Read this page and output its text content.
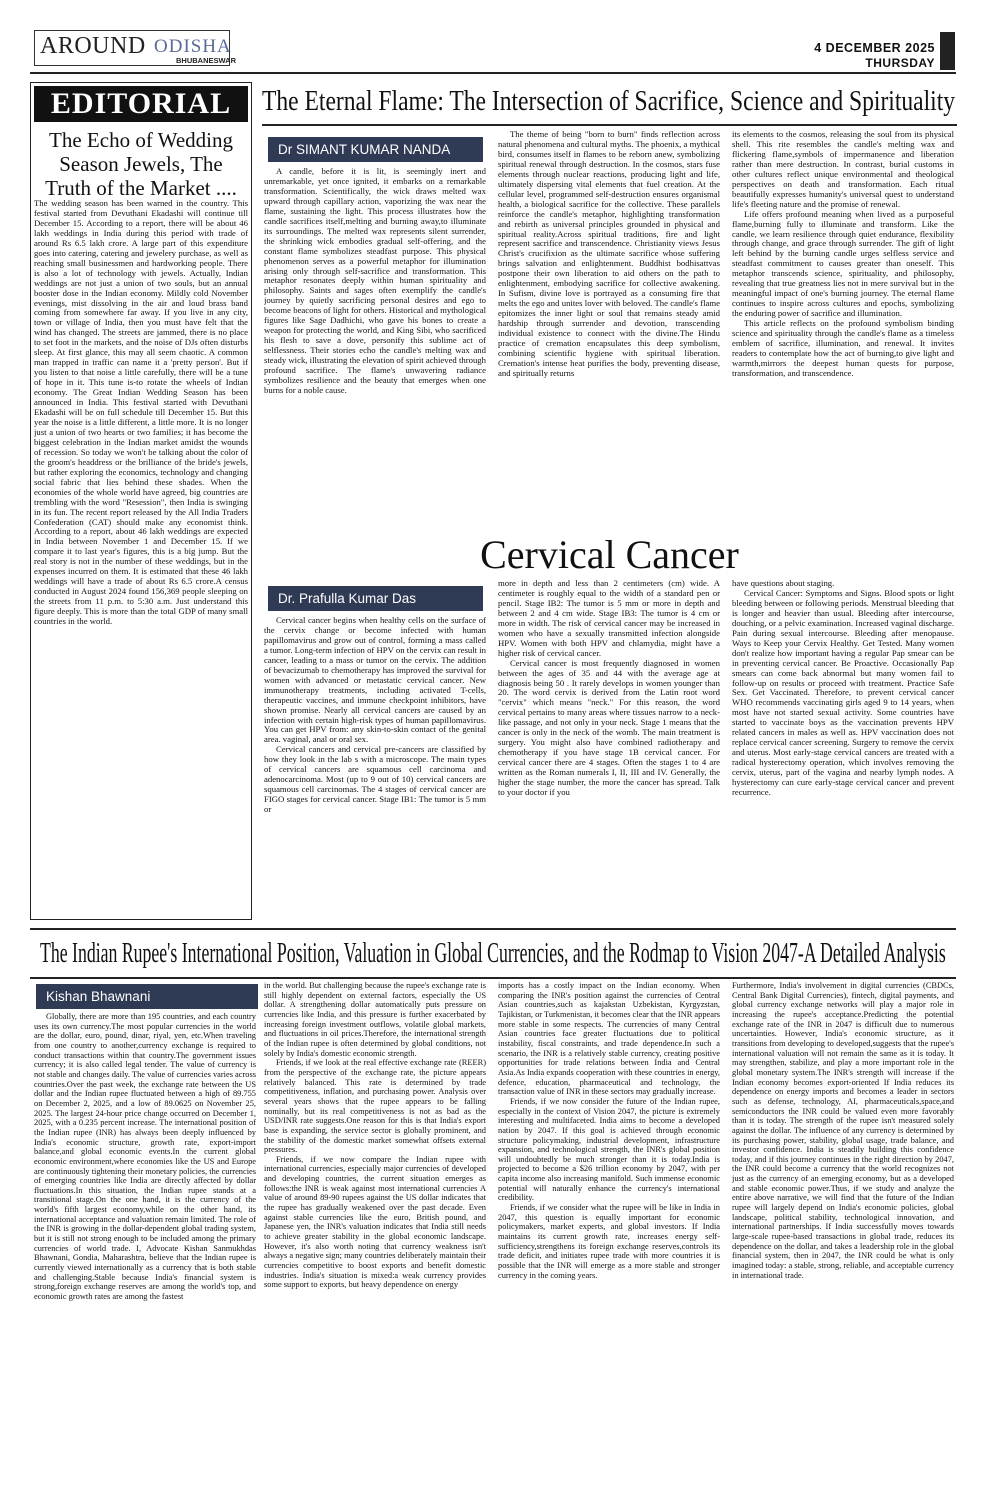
AROUND ODISHA
BHUBANESWAR
4 DECEMBER 2025
THURSDAY
EDITORIAL
The Echo of Wedding Season Jewels, The Truth of the Market ....
The wedding season has been warned in the country. This festival started from Devuthani Ekadashi will continue till December 15. According to a report, there will be about 46 lakh weddings in India during this period with trade of around Rs 6.5 lakh crore. A large part of this expenditure goes into catering, catering and jewelery purchase, as well as reaching small businessmen and hardworking people. There is also a lot of technology with jewels. Actually, Indian weddings are not just a union of two souls, but an annual booster dose in the Indian economy. Mildly cold November evenings, mist dissolving in the air and loud brass band coming from somewhere far away. If you live in any city, town or village of India, then you must have felt that the wind has changed. The streets are jammed, there is no place to set foot in the markets, and the noise of DJs often disturbs sleep. At first glance, this may all seem chaotic. A common man trapped in traffic can name it a 'pretty person'. But if you listen to that noise a little carefully, there will be a tune of hope in it. This tune is-to rotate the wheels of Indian economy. The Great Indian Wedding Season has been announced in India. This festival started with Devuthani Ekadashi will be on full schedule till December 15. But this year the noise is a little different, a little more. It is no longer just a union of two hearts or two families; it has become the biggest celebration in the Indian market amidst the wounds of recession. So today we won't be talking about the color of the groom's headdress or the brilliance of the bride's jewels, but rather exploring the economics, technology and changing social fabric that lies behind these shades. When the economies of the whole world have agreed, big countries are trembling with the word "Resession", then India is swinging in its fun. The recent report released by the All India Traders Confederation (CAT) should make any economist think. According to a report, about 46 lakh weddings are expected in India between November 1 and December 15. If we compare it to last year's figures, this is a big jump. But the real story is not in the number of these weddings, but in the expenses incurred on them. It is estimated that these 46 lakh weddings will have a trade of about Rs 6.5 crore.A census conducted in August 2024 found 156,369 people sleeping on the streets from 11 p.m. to 5:30 a.m. Just understand this figure deeply. This is more than the total GDP of many small countries in the world.
The Eternal Flame: The Intersection of Sacrifice, Science and Spirituality
Dr SIMANT KUMAR NANDA
A candle, before it is lit, is seemingly inert and unremarkable, yet once ignited, it embarks on a remarkable transformation. Scientifically, the wick draws melted wax upward through capillary action, vaporizing the wax near the flame, sustaining the light. This process illustrates how the candle sacrifices itself,melting and burning away,to illuminate its surroundings. The melted wax represents silent surrender, the shrinking wick embodies gradual self-offering, and the constant flame symbolizes steadfast purpose. This physical phenomenon serves as a powerful metaphor for illumination arising only through self-sacrifice and transformation. This metaphor resonates deeply within human spirituality and philosophy. Saints and sages often exemplify the candle's journey by quietly sacrificing personal desires and ego to become beacons of light for others. Historical and mythological figures like Sage Dadhichi, who gave his bones to create a weapon for protecting the world, and King Sibi, who sacrificed his flesh to save a dove, personify this sublime act of selflessness. Their stories echo the candle's melting wax and steady wick, illustrating the elevation of spirit achieved through profound sacrifice. The flame's unwavering radiance symbolizes resilience and the beauty that emerges when one burns for a noble cause.
The theme of being "born to burn" finds reflection across natural phenomena and cultural myths. The phoenix, a mythical bird, consumes itself in flames to be reborn anew, symbolizing spiritual renewal through destruction. In the cosmos, stars fuse elements through nuclear reactions, producing light and life, ultimately dispersing vital elements that fuel creation. At the cellular level, programmed self-destruction ensures organismal health, a biological sacrifice for the collective. These parallels reinforce the candle's metaphor, highlighting transformation and rebirth as universal principles grounded in physical and spiritual reality.Across spiritual traditions, fire and light represent sacrifice and transcendence. Christianity views Jesus Christ's crucifixion as the ultimate sacrifice whose suffering brings salvation and enlightenment. Buddhist bodhisattvas postpone their own liberation to aid others on the path to enlightenment, embodying sacrifice for collective awakening. In Sufism, divine love is portrayed as a consuming fire that melts the ego and unites lover with beloved. The candle's flame epitomizes the inner light or soul that remains steady amid hardship through surrender and devotion, transcending individual existence to connect with the divine.The Hindu practice of cremation encapsulates this deep symbolism, combining scientific hygiene with spiritual liberation. Cremation's intense heat purifies the body, preventing disease, and spiritually returns

its elements to the cosmos, releasing the soul from its physical shell. This rite resembles the candle's melting wax and flickering flame,symbols of impermanence and liberation rather than mere destruction. In contrast, burial customs in other cultures reflect unique environmental and theological perspectives on death and transformation. Each ritual beautifully expresses humanity's universal quest to understand life's fleeting nature and the promise of renewal.

Life offers profound meaning when lived as a purposeful flame,burning fully to illuminate and transform. Like the candle, we learn resilience through quiet endurance, flexibility through change, and grace through surrender. The gift of light left behind by the burning candle urges selfless service and steadfast commitment to causes greater than oneself. This metaphor transcends science, spirituality, and philosophy, revealing that true greatness lies not in mere survival but in the meaningful impact of one's burning journey. The eternal flame continues to inspire across cultures and epochs, symbolizing the enduring power of sacrifice and illumination.

This article reflects on the profound symbolism binding science and spirituality through the candle's flame as a timeless emblem of sacrifice, illumination, and renewal. It invites readers to contemplate how the act of burning,to give light and warmth,mirrors the deepest human quests for purpose, transformation, and transcendence.

Cervical Cancer
Dr. Prafulla Kumar Das

Cervical cancer begins when healthy cells on the surface of the cervix change or become infected with human papillomavirus and grow out of control, forming a mass called a tumor. Long-term infection of HPV on the cervix can result in cancer, leading to a mass or tumor on the cervix. The addition of bevacizumab to chemotherapy has improved the survival for women with advanced or metastatic cervical cancer. New immunotherapy treatments, including activated T-cells, therapeutic vaccines, and immune checkpoint inhibitors, have shown promise. Nearly all cervical cancers are caused by an infection with certain high-risk types of human papillomavirus. You can get HPV from: any skin-to-skin contact of the genital area. vaginal, anal or oral sex.

Cervical cancers and cervical pre-cancers are classified by how they look in the lab s with a microscope. The main types of cervical cancers are squamous cell carcinoma and adenocarcinoma. Most (up to 9 out of 10) cervical cancers are squamous cell carcinomas. The 4 stages of cervical cancer are FIGO stages for cervical cancer. Stage IB1: The tumor is 5 mm or

more in depth and less than 2 centimeters (cm) wide. A centimeter is roughly equal to the width of a standard pen or pencil. Stage IB2: The tumor is 5 mm or more in depth and between 2 and 4 cm wide. Stage IB3: The tumor is 4 cm or more in width. The risk of cervical cancer may be increased in women who have a sexually transmitted infection alongside HPV. Women with both HPV and chlamydia, might have a higher risk of cervical cancer.

Cervical cancer is most frequently diagnosed in women between the ages of 35 and 44 with the average age at diagnosis being 50 . It rarely develops in women younger than 20. The word cervix is derived from the Latin root word "cervix" which means "neck." For this reason, the word cervical pertains to many areas where tissues narrow to a neck-like passage, and not only in your neck. Stage 1 means that the cancer is only in the neck of the womb. The main treatment is surgery. You might also have combined radiotherapy and chemotherapy if you have stage 1B cervical cancer. For cervical cancer there are 4 stages. Often the stages 1 to 4 are written as the Roman numerals I, II, III and IV. Generally, the higher the stage number, the more the cancer has spread. Talk to your doctor if you

have questions about staging.

Cervical Cancer: Symptoms and Signs. Blood spots or light bleeding between or following periods. Menstrual bleeding that is longer and heavier than usual. Bleeding after intercourse, douching, or a pelvic examination. Increased vaginal discharge. Pain during sexual intercourse. Bleeding after menopause. Ways to Keep your Cervix Healthy. Get Tested. Many women don't realize how important having a regular Pap smear can be in preventing cervical cancer. Be Proactive. Occasionally Pap smears can come back abnormal but many women fail to follow-up on results or proceed with treatment. Practice Safe Sex. Get Vaccinated. Therefore, to prevent cervical cancer WHO recommends vaccinating girls aged 9 to 14 years, when most have not started sexual activity. Some countries have started to vaccinate boys as the vaccination prevents HPV related cancers in males as well as. HPV vaccination does not replace cervical cancer screening. Surgery to remove the cervix and uterus. Most early-stage cervical cancers are treated with a radical hysterectomy operation, which involves removing the cervix, uterus, part of the vagina and nearby lymph nodes. A hysterectomy can cure early-stage cervical cancer and prevent recurrence.

The Indian Rupee's International Position, Valuation in Global Currencies, and the Rodmap to Vision 2047-A Detailed Analysis
Kishan Bhawnani
Globally, there are more than 195 countries, and each country uses its own currency.The most popular currencies in the world are the dollar, euro, pound, dinar, riyal, yen, etc.When traveling from one country to another,currency exchange is required to conduct transactions within that country.The government issues currency; it is also called legal tender. The value of currency is not stable and changes daily. The value of currencies varies across countries.Over the past week, the exchange rate between the US dollar and the Indian rupee fluctuated between a high of 89.755 on December 2, 2025, and a low of 89.0625 on November 25, 2025. The largest 24-hour price change occurred on December 1, 2025, with a 0.235 percent increase. The international position of the Indian rupee (INR) has always been deeply influenced by India's economic structure, growth rate, export-import balance,and global economic events.In the current global economic environment,where economies like the US and Europe are continuously tightening their monetary policies, the currencies of emerging countries like India are directly affected by dollar fluctuations.In this situation, the Indian rupee stands at a transitional stage.On the one hand, it is the currency of the world's fifth largest economy,while on the other hand, its international acceptance and valuation remain limited. The role of the INR is growing in the dollar-dependent global trading system, but it is still not strong enough to be included among the primary currencies of world trade. I, Advocate Kishan Sanmukhdas Bhawnani, Gondia, Maharashtra, believe that the Indian rupee is currently viewed internationally as a currency that is both stable and challenging.Stable because India's financial system is strong,foreign exchange reserves are among the world's top, and economic growth rates are among the fastest

in the world. But challenging because the rupee's exchange rate is still highly dependent on external factors, especially the US dollar. A strengthening dollar automatically puts pressure on currencies like India, and this pressure is further exacerbated by increasing foreign investment outflows, volatile global markets, and fluctuations in oil prices.Therefore, the international strength of the Indian rupee is often determined by global conditions, not solely by India's domestic economic strength.

Friends, if we look at the real effective exchange rate (REER) from the perspective of the exchange rate, the picture appears relatively balanced. This rate is determined by trade competitiveness, inflation, and purchasing power. Analysis over several years shows that the rupee appears to be falling nominally, but its real competitiveness is not as bad as the USD/INR rate suggests.One reason for this is that India's export base is expanding, the service sector is globally prominent, and the stability of the domestic market somewhat offsets external pressures.

Friends, if we now compare the Indian rupee with international currencies, especially major currencies of developed and developing countries, the current situation emerges as follows:the INR is weak against most international currencies A value of around 89-90 rupees against the US dollar indicates that the rupee has gradually weakened over the past decade. Even against stable currencies like the euro, British pound, and Japanese yen, the INR's valuation indicates that India still needs to achieve greater stability in the global economic landscape. However, it's also worth noting that currency weakness isn't always a negative sign; many countries deliberately maintain their currencies competitive to boost exports and benefit domestic industries. India's situation is mixed:a weak currency provides some support to exports, but heavy dependence on energy

imports has a costly impact on the Indian economy. When comparing the INR's position against the currencies of Central Asian countries,such as kajakstan Uzbekistan, Kyrgyzstan, Tajikistan, or Turkmenistan, it becomes clear that the INR appears more stable in some respects. The currencies of many Central Asian countries face greater fluctuations due to political instability, fiscal constraints, and trade dependence.In such a scenario, the INR is a relatively stable currency, creating positive opportunities for trade relations between India and Central Asia.As India expands cooperation with these countries in energy, defence, education, pharmaceutical and technology, the transaction value of INR in these sectors may gradually increase.

Friends, if we now consider the future of the Indian rupee, especially in the context of Vision 2047, the picture is extremely interesting and multifaceted. India aims to become a developed nation by 2047. If this goal is achieved through economic structure policymaking, industrial development, infrastructure expansion, and technological strength, the INR's global position will undoubtedly be much stronger than it is today.India is projected to become a $26 trillion economy by 2047, with per capita income also increasing manifold. Such immense economic potential will naturally enhance the currency's international credibility.

Friends, if we consider what the rupee will be like in India in 2047, this question is equally important for economic policymakers, market experts, and global investors. If India maintains its current growth rate, increases energy self-sufficiency,strengthens its foreign exchange reserves,controls its trade deficit, and initiates rupee trade with more countries it is possible that the INR will emerge as a more stable and stronger currency in the coming years.

Furthermore, India's involvement in digital currencies (CBDCs, Central Bank Digital Currencies), fintech, digital payments, and global currency exchange networks will play a major role in increasing the rupee's acceptance.Predicting the potential exchange rate of the INR in 2047 is difficult due to numerous uncertainties. However, India's economic structure, as it transitions from developing to developed,suggests that the rupee's international valuation will not remain the same as it is today. It may strengthen, stabilize, and play a more important role in the global monetary system.The INR's strength will increase if the Indian economy becomes export-oriented If India reduces its dependence on energy imports and becomes a leader in sectors such as defense, technology, AI, pharmaceuticals,space,and semiconductors the INR could be valued even more favorably than it is today. The strength of the rupee isn't measured solely against the dollar. The influence of any currency is determined by its purchasing power, stability, global usage, trade balance, and investor confidence. India is steadily building this confidence today, and if this journey continues in the right direction by 2047, the INR could become a currency that the world recognizes not just as the currency of an emerging economy, but as a developed and stable economic power.Thus, if we study and analyze the entire above narrative, we will find that the future of the Indian rupee will largely depend on India's economic policies, global landscape, political stability, technological innovation, and international partnerships. If India successfully moves towards large-scale rupee-based transactions in global trade, reduces its dependence on the dollar, and takes a leadership role in the global financial system, then in 2047, the INR could be what is only imagined today: a stable, strong, reliable, and acceptable currency in international trade.
